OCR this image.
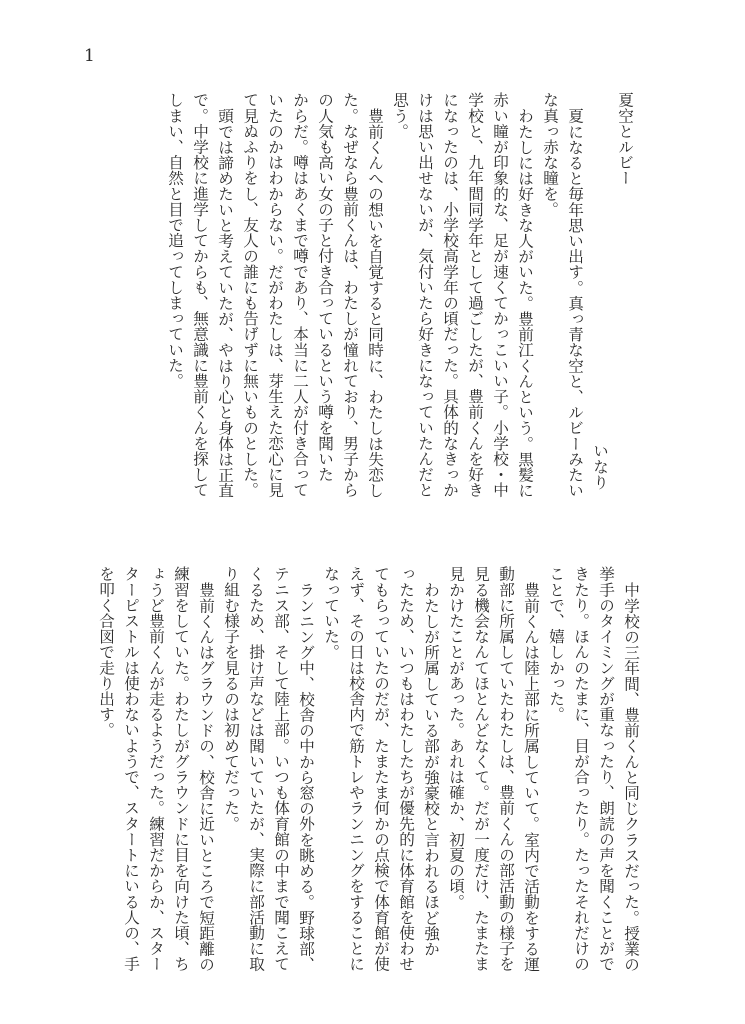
1
夏空とルビー
いなり
夏になると毎年思い出す。真っ青な空と、ルビーみたい
な真っ赤な瞳を。
わたしには好きな人がいた。豊前江くんという。黒髪に
赤い瞳が印象的な、足が速くてかっこいい子。小学校・中
学校と、九年間同学年として過ごしたが、豊前くんを好き
になったのは、小学校高学年の頃だった。具体的なきっか
けは思い出せないが、気付いたら好きになっていたんだと
思う。
豊前くんへの想いを自覚すると同時に、わたしは失恋し
た。なぜなら豊前くんは、わたしが憧れており、男子から
の人気も高い女の子と付き合っているという噂を聞いた
からだ。噂はあくまで噂であり、本当に二人が付き合って
いたのかはわからない。だがわたしは、芽生えた恋心に見
て見ぬふりをし、友人の誰にも告げずに無いものとした。
頭では諦めたいと考えていたが、やはり心と身体は正直
で。中学校に進学してからも、無意識に豊前くんを探して
しまい、自然と目で追ってしまっていた。
中学校の三年間、豊前くんと同じクラスだった。授業の
挙手のタイミングが重なったり、朗読の声を聞くことがで
きたり。ほんのたまに、目が合ったり。たったそれだけの
ことで、嬉しかった。
豊前くんは陸上部に所属していて。室内で活動をする運
動部に所属していたわたしは、豊前くんの部活動の様子を
見る機会なんてほとんどなくて。だが一度だけ、たまたま
見かけたことがあった。あれは確か、初夏の頃。
わたしが所属している部が強豪校と言われるほど強か
ったため、いつもはわたしたちが優先的に体育館を使わせ
てもらっていたのだが、たまたま何かの点検で体育館が使
えず、その日は校舎内で筋トレやランニングをすることに
なっていた。
ランニング中、校舎の中から窓の外を眺める。野球部、
テニス部、そして陸上部。いつも体育館の中まで聞こえて
くるため、掛け声などは聞いていたが、実際に部活動に取
り組む様子を見るのは初めてだった。
豊前くんはグラウンドの、校舎に近いところで短距離の
練習をしていた。わたしがグラウンドに目を向けた頃、ち
ょうど豊前くんが走るようだった。練習だからか、スター
ターピストルは使わないようで、スタートにいる人の、手
を叩く合図で走り出す。
